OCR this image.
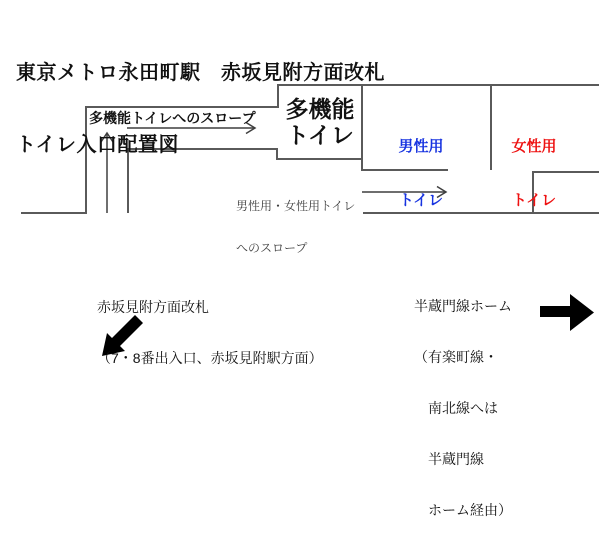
東京メトロ永田町駅　赤坂見附方面改札

トイレ入口配置図

多機能トイレへのスロープ 多機能
トイレ

	男性用

トイレ

女性用

トイレ

男性用・女性用トイレ

へのスロープ

赤坂見附方面改札

（7・8番出入口、赤坂見附駅方面）

半蔵門線ホーム

（有楽町線・

　南北線へは

　半蔵門線

　ホーム経由）
